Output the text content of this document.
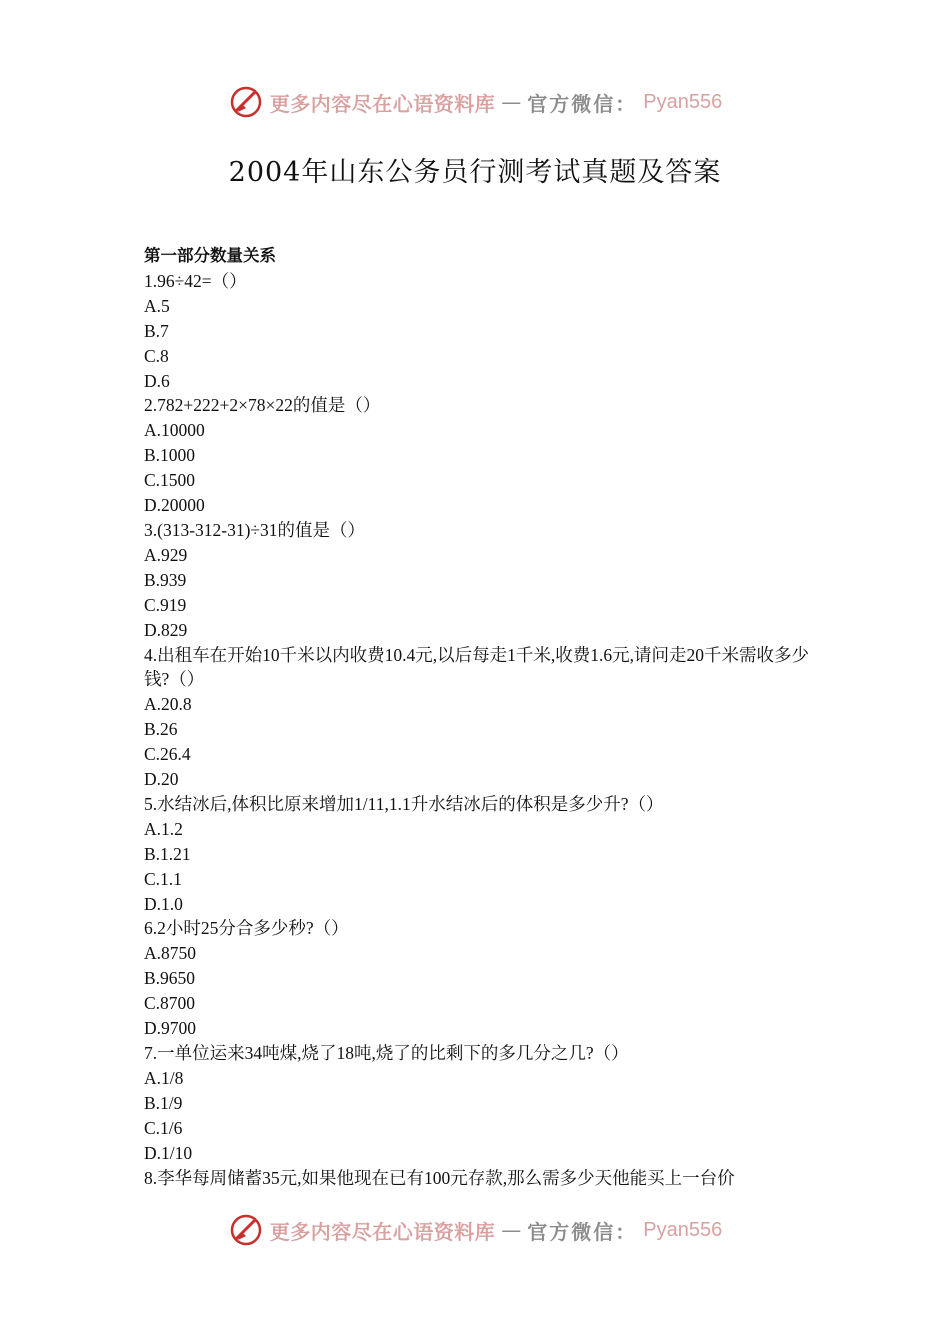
更多内容尽在心语资料库 — 官方微信： Pyan556
2004年山东公务员行测考试真题及答案
第一部分数量关系
1.96÷42=（）
A.5
B.7
C.8
D.6
2.782+222+2×78×22的值是（）
A.10000
B.1000
C.1500
D.20000
3.(313-312-31)÷31的值是（）
A.929
B.939
C.919
D.829
4.出租车在开始10千米以内收费10.4元,以后每走1千米,收费1.6元,请问走20千米需收多少钱?（）
A.20.8
B.26
C.26.4
D.20
5.水结冰后,体积比原来增加1/11,1.1升水结冰后的体积是多少升?（）
A.1.2
B.1.21
C.1.1
D.1.0
6.2小时25分合多少秒?（）
A.8750
B.9650
C.8700
D.9700
7.一单位运来34吨煤,烧了18吨,烧了的比剩下的多几分之几?（）
A.1/8
B.1/9
C.1/6
D.1/10
8.李华每周储蓄35元,如果他现在已有100元存款,那么需多少天他能买上一台价
更多内容尽在心语资料库 — 官方微信： Pyan556
